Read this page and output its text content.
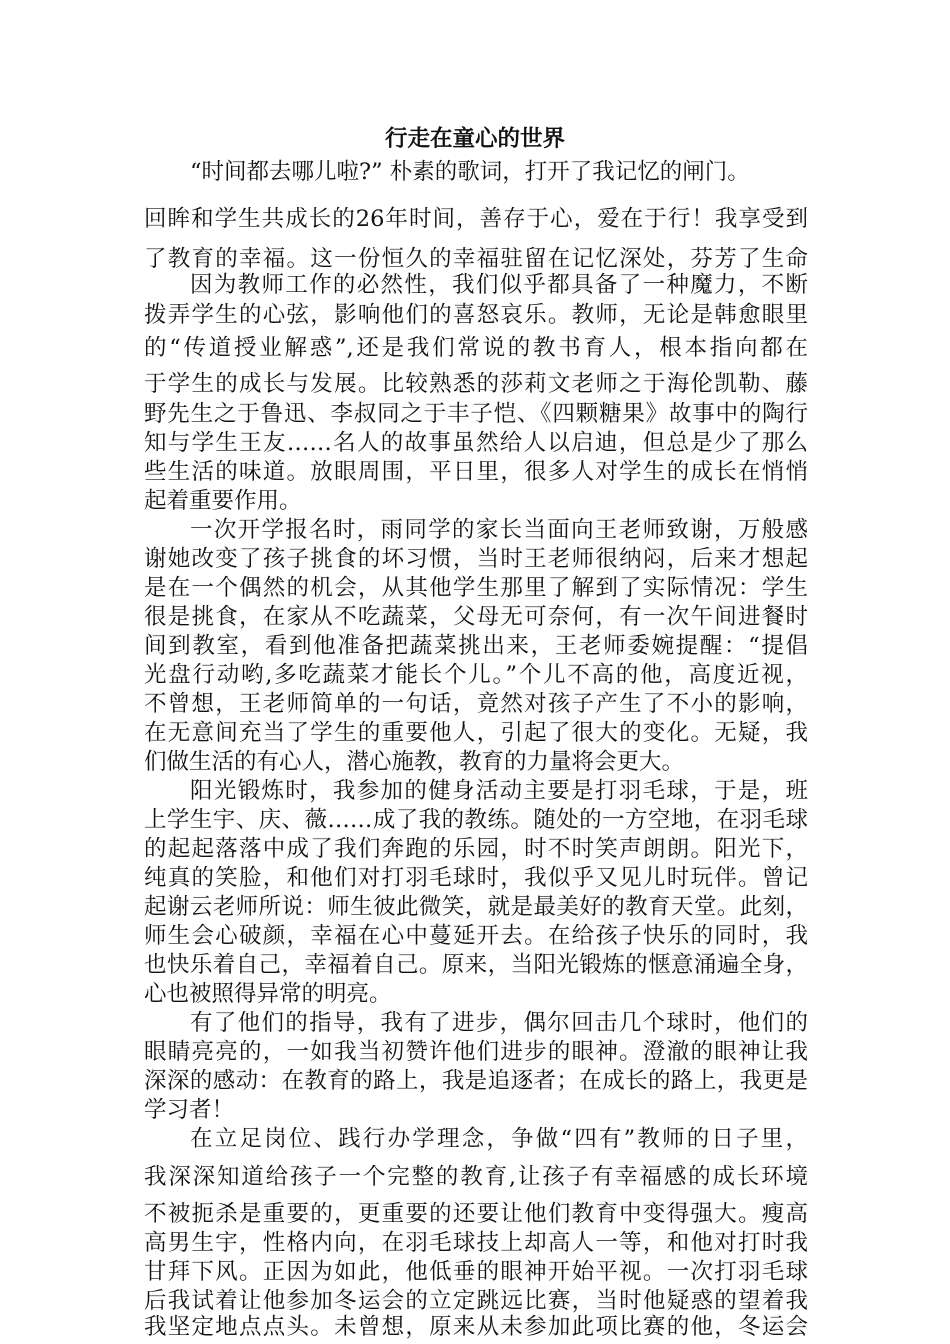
行走在童心的世界

“时间都去哪儿啦?” 朴素的歌词，打开了我记忆的闸门。

回眸和学生共成长的26年时间，善存于心，爱在于行！我享受到

了教育的幸福。这一份恒久的幸福驻留在记忆深处，芬芳了生命

因为教师工作的必然性，我们似乎都具备了一种魔力，不断

拨弄学生的心弦，影响他们的喜怒哀乐。教师，无论是韩愈眼里

的“传道授业解惑”,还是我们常说的教书育人，根本指向都在

于学生的成长与发展。比较熟悉的莎莉文老师之于海伦凯勒、藤

野先生之于鲁迅、李叔同之于丰子恺、《四颗糖果》故事中的陶行

知与学生王友……名人的故事虽然给人以启迪，但总是少了那么

些生活的味道。放眼周围，平日里，很多人对学生的成长在悄悄

起着重要作用。

一次开学报名时，雨同学的家长当面向王老师致谢，万般感

谢她改变了孩子挑食的坏习惯，当时王老师很纳闷，后来才想起

是在一个偶然的机会，从其他学生那里了解到了实际情况：学生

很是挑食，在家从不吃蔬菜，父母无可奈何，有一次午间进餐时

间到教室，看到他准备把蔬菜挑出来，王老师委婉提醒：“提倡

光盘行动哟,多吃蔬菜才能长个儿。”个儿不高的他，高度近视，

不曾想，王老师简单的一句话，竟然对孩子产生了不小的影响，

在无意间充当了学生的重要他人，引起了很大的变化。无疑，我

们做生活的有心人，潜心施教，教育的力量将会更大。

阳光锻炼时，我参加的健身活动主要是打羽毛球，于是，班

上学生宇、庆、薇……成了我的教练。随处的一方空地，在羽毛球

的起起落落中成了我们奔跑的乐园，时不时笑声朗朗。阳光下，

纯真的笑脸，和他们对打羽毛球时，我似乎又见儿时玩伴。曾记

起谢云老师所说：师生彼此微笑，就是最美好的教育天堂。此刻，

师生会心破颜，幸福在心中蔓延开去。在给孩子快乐的同时，我

也快乐着自己，幸福着自己。原来，当阳光锻炼的惬意涌遍全身，

心也被照得异常的明亮。

有了他们的指导，我有了进步，偶尔回击几个球时，他们的

眼睛亮亮的，一如我当初赞许他们进步的眼神。澄澈的眼神让我

深深的感动：在教育的路上，我是追逐者；在成长的路上，我更是

学习者！

在立足岗位、践行办学理念，争做“四有”教师的日子里，

我深深知道给孩子一个完整的教育,让孩子有幸福感的成长环境

不被扼杀是重要的，更重要的还要让他们教育中变得强大。瘦高

高男生宇，性格内向，在羽毛球技上却高人一等，和他对打时我

甘拜下风。正因为如此，他低垂的眼神开始平视。一次打羽毛球

后我试着让他参加冬运会的立定跳远比赛，当时他疑惑的望着我

我坚定地点点头。未曾想，原来从未参加此项比赛的他，冬运会
